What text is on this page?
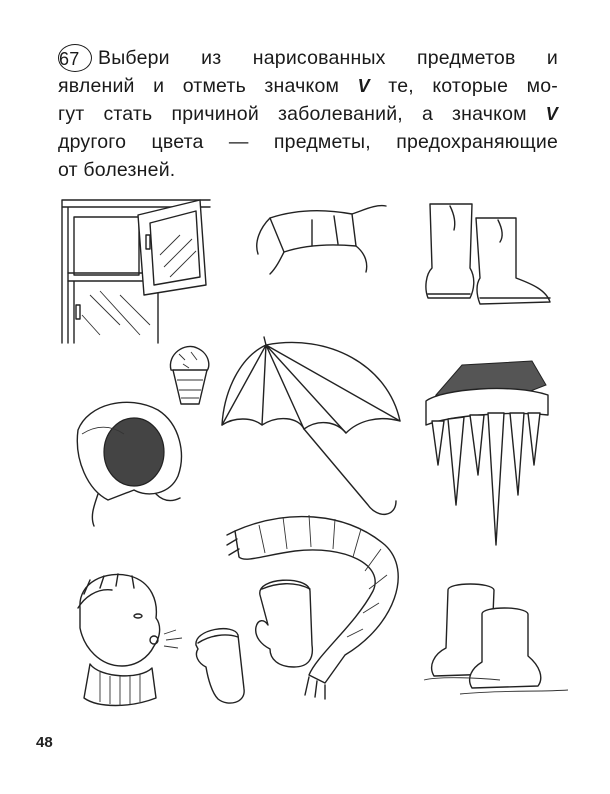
67 Выбери из нарисованных предметов и
явлений и отметь значком V те, которые мо-
гут стать причиной заболеваний, а значком V
другого цвета — предметы, предохраняющие
от болезней.
48
